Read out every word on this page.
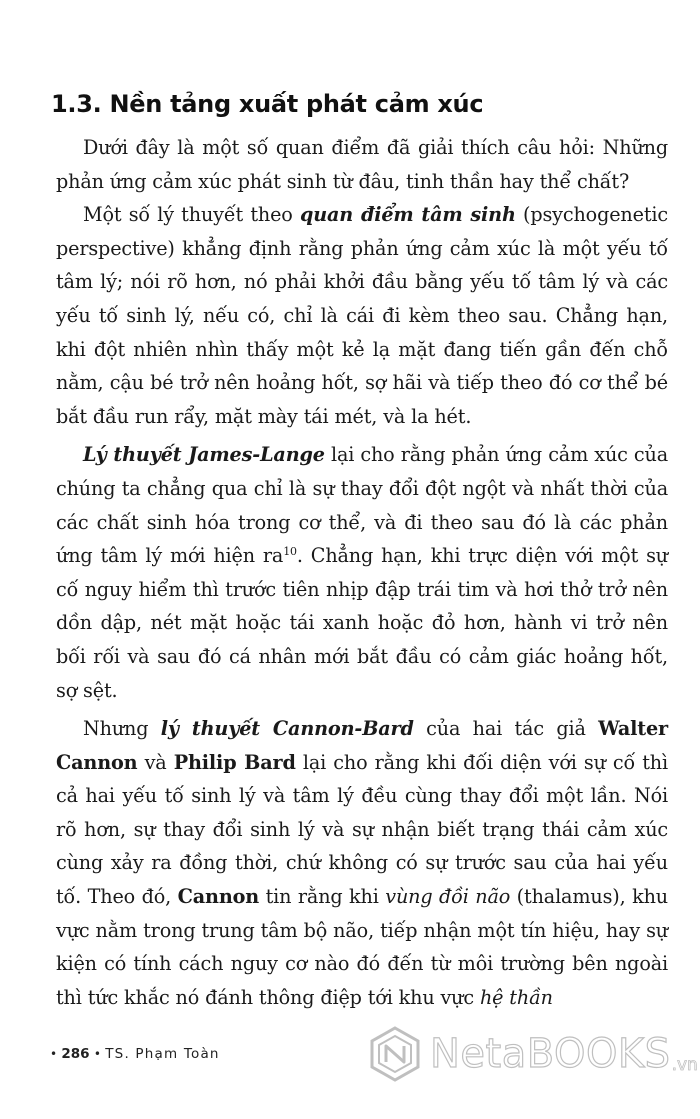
1.3. Nền tảng xuất phát cảm xúc

Dưới đây là một số quan điểm đã giải thích câu hỏi: Những phản ứng cảm xúc phát sinh từ đâu, tinh thần hay thể chất?

Một số lý thuyết theo quan điểm tâm sinh (psychogenetic perspective) khẳng định rằng phản ứng cảm xúc là một yếu tố tâm lý; nói rõ hơn, nó phải khởi đầu bằng yếu tố tâm lý và các yếu tố sinh lý, nếu có, chỉ là cái đi kèm theo sau. Chẳng hạn, khi đột nhiên nhìn thấy một kẻ lạ mặt đang tiến gần đến chỗ nằm, cậu bé trở nên hoảng hốt, sợ hãi và tiếp theo đó cơ thể bé bắt đầu run rẩy, mặt mày tái mét, và la hét.

Lý thuyết James-Lange lại cho rằng phản ứng cảm xúc của chúng ta chẳng qua chỉ là sự thay đổi đột ngột và nhất thời của các chất sinh hóa trong cơ thể, và đi theo sau đó là các phản ứng tâm lý mới hiện $ra^{10}$. Chẳng hạn, khi trực diện với một sự cố nguy hiểm thì trước tiên nhịp đập trái tim và hơi thở trở nên dồn dập, nét mặt hoặc tái xanh hoặc đỏ hơn, hành vi trở nên bối rối và sau đó cá nhân mới bắt đầu có cảm giác hoảng hốt, sợ sệt.

Nhưng lý thuyết Cannon-Bard của hai tác giả Walter Cannon và Philip Bard lại cho rằng khi đối diện với sự cố thì cả hai yếu tố sinh lý và tâm lý đều cùng thay đổi một lần. Nói rõ hơn, sự thay đổi sinh lý và sự nhận biết trạng thái cảm xúc cùng xảy ra đồng thời, chứ không có sự trước sau của hai yếu tố. Theo đó, Cannon tin rằng khi vùng đồi não (thalamus), khu vực nằm trong trung tâm bộ não, tiếp nhận một tín hiệu, hay sự kiện có tính cách nguy cơ nào đó đến từ môi trường bên ngoài thì tức khắc nó đánh thông điệp tới khu vực hệ thần

• 286 • TS. Phạm Toàn	NetaBOOKS .vn
